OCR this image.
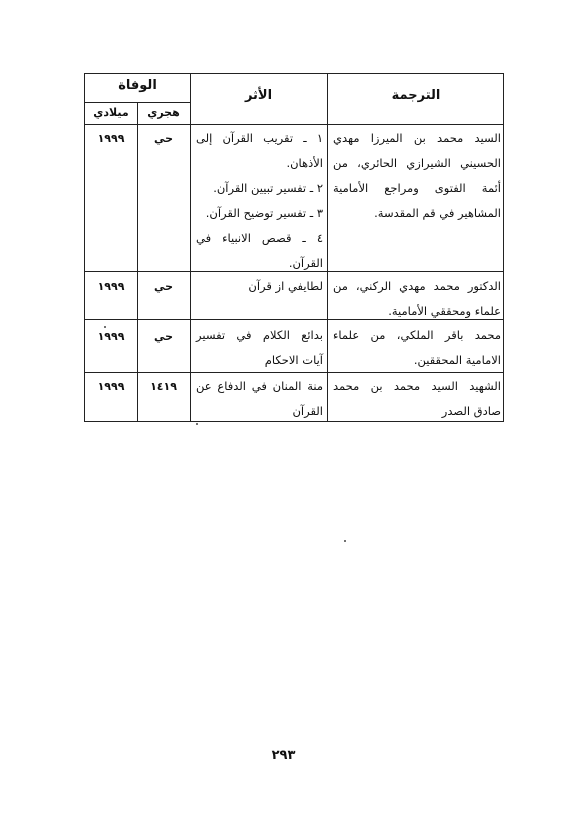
الترجمة
الأثر
الوفاة
هجري
ميلادي
السيد محمد بن الميرزا مهدي الحسيني الشيرازي الحائري، من أئمة الفتوى ومراجع الأمامية المشاهير في قم المقدسة.
١ ـ تقريب القرآن إلى الأذهان.
٢ ـ تفسير تبيين القرآن.
٣ ـ تفسير توضيح القرآن.
٤ ـ قصص الانبياء في القرآن.
حي
١٩٩٩
الدكتور محمد مهدي الركني، من علماء ومحققي الأمامية.
لطايفي از قرآن
حي
١٩٩٩
محمد باقر الملكي، من علماء الامامية المحققين.
بدائع الكلام في تفسير آيات الاحكام
حي
١٩٩٩
الشهيد السيد محمد بن محمد صادق الصدر
منة المنان في الدفاع عن القرآن
١٤١٩
١٩٩٩
٢٩٣
